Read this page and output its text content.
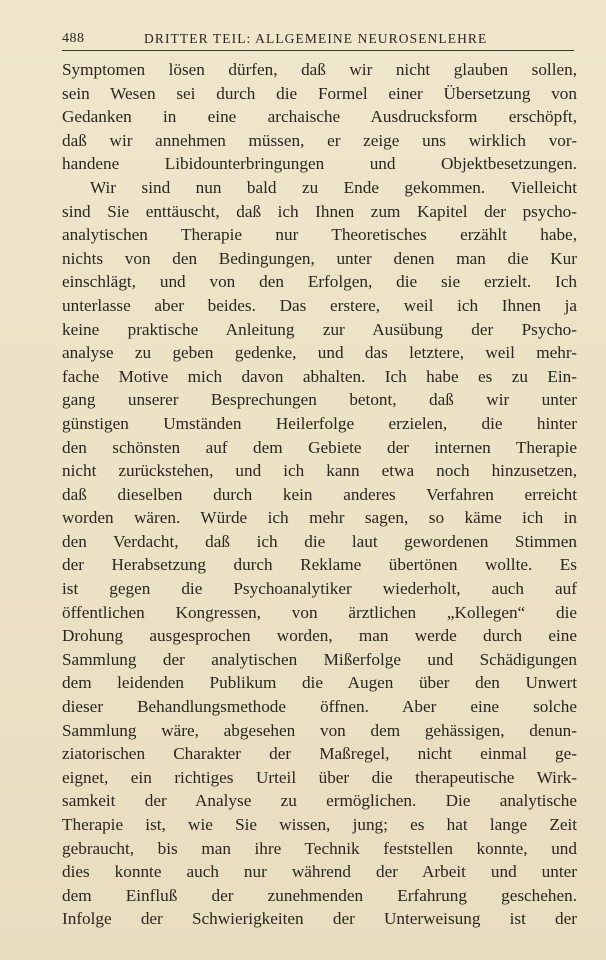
488	DRITTER TEIL: ALLGEMEINE NEUROSENLEHRE
Symptomen lösen dürfen, daß wir nicht glauben sollen,
sein Wesen sei durch die Formel einer Übersetzung von
Gedanken in eine archaische Ausdrucksform erschöpft,
daß wir annehmen müssen, er zeige uns wirklich vor-
handene Libidounterbringungen und Objektbesetzungen.
Wir sind nun bald zu Ende gekommen. Vielleicht
sind Sie enttäuscht, daß ich Ihnen zum Kapitel der psycho-
analytischen Therapie nur Theoretisches erzählt habe,
nichts von den Bedingungen, unter denen man die Kur
einschlägt, und von den Erfolgen, die sie erzielt. Ich
unterlasse aber beides. Das erstere, weil ich Ihnen ja
keine praktische Anleitung zur Ausübung der Psycho-
analyse zu geben gedenke, und das letztere, weil mehr-
fache Motive mich davon abhalten. Ich habe es zu Ein-
gang unserer Besprechungen betont, daß wir unter
günstigen Umständen Heilerfolge erzielen, die hinter
den schönsten auf dem Gebiete der internen Therapie
nicht zurückstehen, und ich kann etwa noch hinzusetzen,
daß dieselben durch kein anderes Verfahren erreicht
worden wären. Würde ich mehr sagen, so käme ich in
den Verdacht, daß ich die laut gewordenen Stimmen
der Herabsetzung durch Reklame übertönen wollte. Es
ist gegen die Psychoanalytiker wiederholt, auch auf
öffentlichen Kongressen, von ärztlichen „Kollegen“ die
Drohung ausgesprochen worden, man werde durch eine
Sammlung der analytischen Mißerfolge und Schädigungen
dem leidenden Publikum die Augen über den Unwert
dieser Behandlungsmethode öffnen. Aber eine solche
Sammlung wäre, abgesehen von dem gehässigen, denun-
ziatorischen Charakter der Maßregel, nicht einmal ge-
eignet, ein richtiges Urteil über die therapeutische Wirk-
samkeit der Analyse zu ermöglichen. Die analytische
Therapie ist, wie Sie wissen, jung; es hat lange Zeit
gebraucht, bis man ihre Technik feststellen konnte, und
dies konnte auch nur während der Arbeit und unter
dem Einfluß der zunehmenden Erfahrung geschehen.
Infolge der Schwierigkeiten der Unterweisung ist der
